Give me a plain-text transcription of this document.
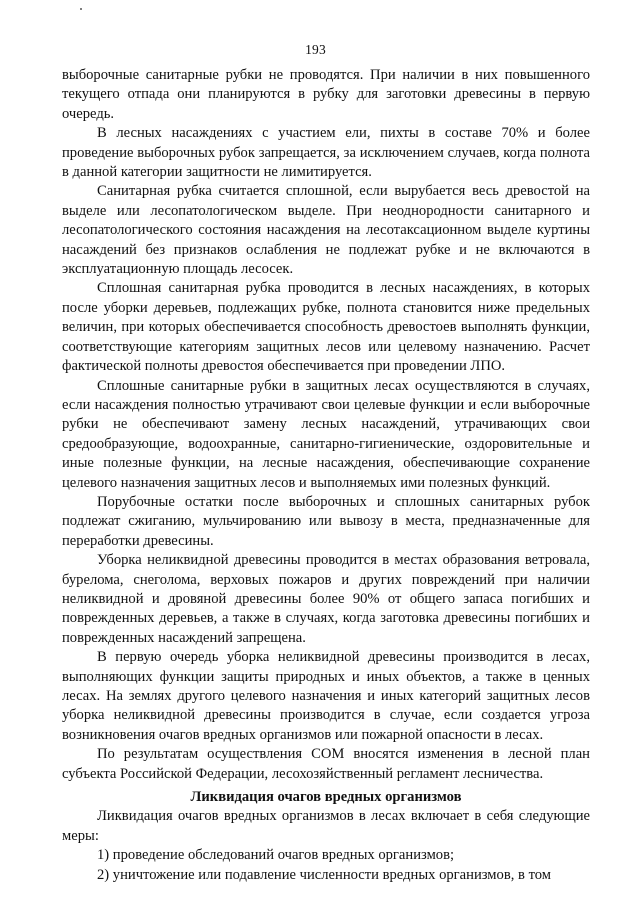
193

выборочные санитарные рубки не проводятся. При наличии в них повышенного текущего отпада они планируются в рубку для заготовки древесины в первую очередь.

В лесных насаждениях с участием ели, пихты в составе 70% и более проведение выборочных рубок запрещается, за исключением случаев, когда полнота в данной категории защитности не лимитируется.

Санитарная рубка считается сплошной, если вырубается весь древостой на выделе или лесопатологическом выделе. При неоднородности санитарного и лесопатологического состояния насаждения на лесотаксационном выделе куртины насаждений без признаков ослабления не подлежат рубке и не включаются в эксплуатационную площадь лесосек.

Сплошная санитарная рубка проводится в лесных насаждениях, в которых после уборки деревьев, подлежащих рубке, полнота становится ниже предельных величин, при которых обеспечивается способность древостоев выполнять функции, соответствующие категориям защитных лесов или целевому назначению. Расчет фактической полноты древостоя обеспечивается при проведении ЛПО.

Сплошные санитарные рубки в защитных лесах осуществляются в случаях, если насаждения полностью утрачивают свои целевые функции и если выборочные рубки не обеспечивают замену лесных насаждений, утрачивающих свои средообразующие, водоохранные, санитарно-гигиенические, оздоровительные и иные полезные функции, на лесные насаждения, обеспечивающие сохранение целевого назначения защитных лесов и выполняемых ими полезных функций.

Порубочные остатки после выборочных и сплошных санитарных рубок подлежат сжиганию, мульчированию или вывозу в места, предназначенные для переработки древесины.

Уборка неликвидной древесины проводится в местах образования ветровала, бурелома, снеголома, верховых пожаров и других повреждений при наличии неликвидной и дровяной древесины более 90% от общего запаса погибших и поврежденных деревьев, а также в случаях, когда заготовка древесины погибших и поврежденных насаждений запрещена.

В первую очередь уборка неликвидной древесины производится в лесах, выполняющих функции защиты природных и иных объектов, а также в ценных лесах. На землях другого целевого назначения и иных категорий защитных лесов уборка неликвидной древесины производится в случае, если создается угроза возникновения очагов вредных организмов или пожарной опасности в лесах.

По результатам осуществления СОМ вносятся изменения в лесной план субъекта Российской Федерации, лесохозяйственный регламент лесничества.

Ликвидация очагов вредных организмов

Ликвидация очагов вредных организмов в лесах включает в себя следующие меры:

1) проведение обследований очагов вредных организмов;

2) уничтожение или подавление численности вредных организмов, в том
